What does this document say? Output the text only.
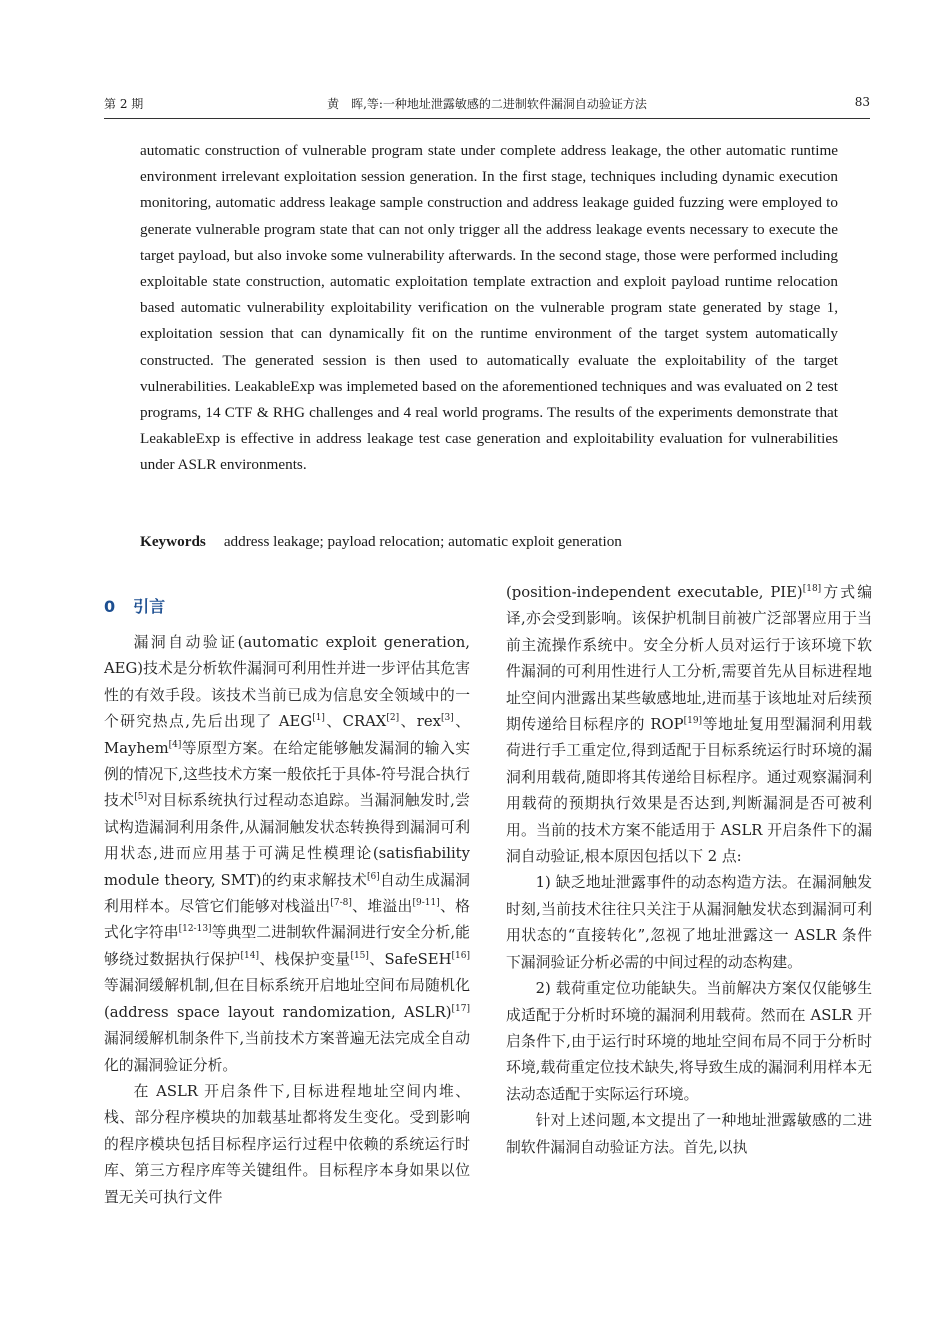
第 2 期	黄　晖,等:一种地址泄露敏感的二进制软件漏洞自动验证方法	83

automatic construction of vulnerable program state under complete address leakage, the other automatic runtime environment irrelevant exploitation session generation. In the first stage, techniques including dynamic execution monitoring, automatic address leakage sample construction and address leakage guided fuzzing were employed to generate vulnerable program state that can not only trigger all the address leakage events necessary to execute the target payload, but also invoke some vulnerability afterwards. In the second stage, those were performed including exploitable state construction, automatic exploitation template extraction and exploit payload runtime relocation based automatic vulnerability exploitability verification on the vulnerable program state generated by stage 1, exploitation session that can dynamically fit on the runtime environment of the target system automatically constructed. The generated session is then used to automatically evaluate the exploitability of the target vulnerabilities. LeakableExp was implemeted based on the aforementioned techniques and was evaluated on 2 test programs, 14 CTF & RHG challenges and 4 real world programs. The results of the experiments demonstrate that LeakableExp is effective in address leakage test case generation and exploitability evaluation for vulnerabilities under ASLR environments.

Keywords address leakage; payload relocation; automatic exploit generation

0 引言

漏洞自动验证(automatic exploit generation, AEG)技术是分析软件漏洞可利用性并进一步评估其危害性的有效手段。该技术当前已成为信息安全领域中的一个研究热点,先后出现了 AEG[1]、CRAX[2]、rex[3]、Mayhem[4]等原型方案。在给定能够触发漏洞的输入实例的情况下,这些技术方案一般依托于具体-符号混合执行技术[5]对目标系统执行过程动态追踪。当漏洞触发时,尝试构造漏洞利用条件,从漏洞触发状态转换得到漏洞可利用状态,进而应用基于可满足性模理论(satisfiability module theory, SMT)的约束求解技术[6]自动生成漏洞利用样本。尽管它们能够对栈溢出[7-8]、堆溢出[9-11]、格式化字符串[12-13]等典型二进制软件漏洞进行安全分析,能够绕过数据执行保护[14]、栈保护变量[15]、SafeSEH[16]等漏洞缓解机制,但在目标系统开启地址空间布局随机化(address space layout randomization, ASLR)[17]漏洞缓解机制条件下,当前技术方案普遍无法完成全自动化的漏洞验证分析。

在 ASLR 开启条件下,目标进程地址空间内堆、栈、部分程序模块的加载基址都将发生变化。受到影响的程序模块包括目标程序运行过程中依赖的系统运行时库、第三方程序库等关键组件。目标程序本身如果以位置无关可执行文件

(position-independent executable, PIE)[18]方式编译,亦会受到影响。该保护机制目前被广泛部署应用于当前主流操作系统中。安全分析人员对运行于该环境下软件漏洞的可利用性进行人工分析,需要首先从目标进程地址空间内泄露出某些敏感地址,进而基于该地址对后续预期传递给目标程序的 ROP[19]等地址复用型漏洞利用载荷进行手工重定位,得到适配于目标系统运行时环境的漏洞利用载荷,随即将其传递给目标程序。通过观察漏洞利用载荷的预期执行效果是否达到,判断漏洞是否可被利用。当前的技术方案不能适用于 ASLR 开启条件下的漏洞自动验证,根本原因包括以下 2 点:

1) 缺乏地址泄露事件的动态构造方法。在漏洞触发时刻,当前技术往往只关注于从漏洞触发状态到漏洞可利用状态的“直接转化”,忽视了地址泄露这一 ASLR 条件下漏洞验证分析必需的中间过程的动态构建。

2) 载荷重定位功能缺失。当前解决方案仅仅能够生成适配于分析时环境的漏洞利用载荷。然而在 ASLR 开启条件下,由于运行时环境的地址空间布局不同于分析时环境,载荷重定位技术缺失,将导致生成的漏洞利用样本无法动态适配于实际运行环境。

针对上述问题,本文提出了一种地址泄露敏感的二进制软件漏洞自动验证方法。首先,以执
